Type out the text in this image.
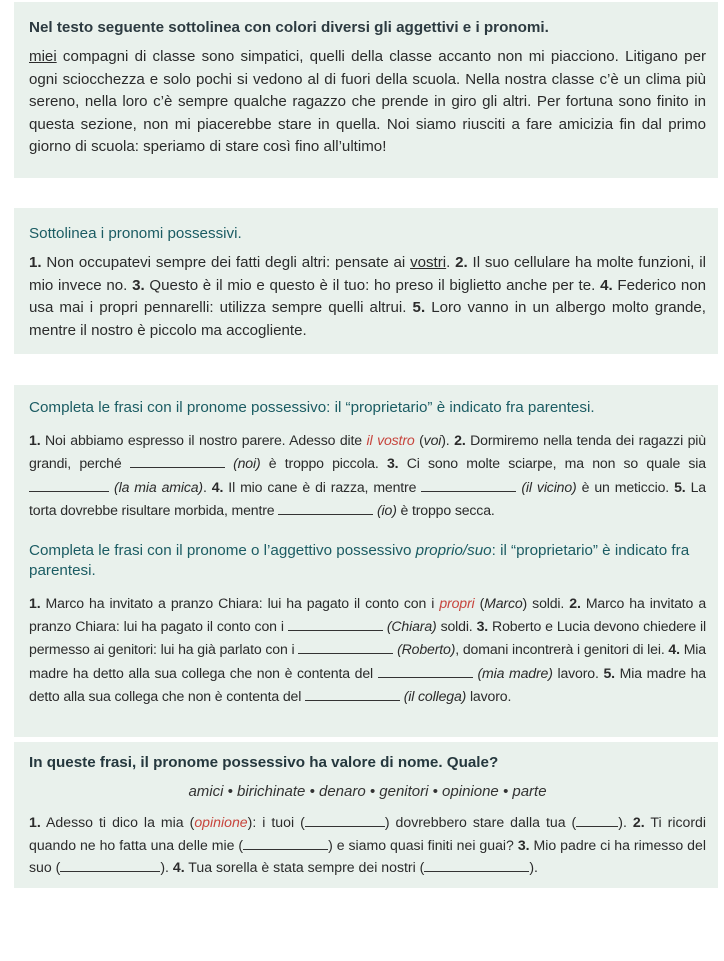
Nel testo seguente sottolinea con colori diversi gli aggettivi e i pronomi.
miei compagni di classe sono simpatici, quelli della classe accanto non mi piacciono. Litigano per ogni sciocchezza e solo pochi si vedono al di fuori della scuola. Nella nostra classe c’è un clima più sereno, nella loro c’è sempre qualche ragazzo che prende in giro gli altri. Per fortuna sono finito in questa sezione, non mi piacerebbe stare in quella. Noi siamo riusciti a fare amicizia fin dal primo giorno di scuola: speriamo di stare così fino all’ultimo!
Sottolinea i pronomi possessivi.
1. Non occupatevi sempre dei fatti degli altri: pensate ai vostri. 2. Il suo cellulare ha molte funzioni, il mio invece no. 3. Questo è il mio e questo è il tuo: ho preso il biglietto anche per te. 4. Federico non usa mai i propri pennarelli: utilizza sempre quelli altrui. 5. Loro vanno in un albergo molto grande, mentre il nostro è piccolo ma accogliente.
Completa le frasi con il pronome possessivo: il “proprietario” è indicato fra parentesi.
1. Noi abbiamo espresso il nostro parere. Adesso dite il vostro (voi). 2. Dormiremo nella tenda dei ragazzi più grandi, perché	(noi) è troppo piccola. 3. Ci sono molte sciarpe, ma non so quale sia  (la mia amica). 4. Il mio cane è di razza, mentre	(il vicino) è un meticcio. 5. La torta dovrebbe risultare morbida, mentre	(io) è troppo secca.
Completa le frasi con il pronome o l’aggettivo possessivo proprio/suo: il “proprietario” è indicato fra parentesi.
1. Marco ha invitato a pranzo Chiara: lui ha pagato il conto con i propri (Marco) soldi. 2. Marco ha invitato a pranzo Chiara: lui ha pagato il conto con i	(Chiara) soldi. 3. Roberto e Lucia devono chiedere il permesso ai genitori: lui ha già parlato con i	(Roberto), domani incontrerà i genitori di lei. 4. Mia madre ha detto alla sua collega che non è contenta del	(mia madre) lavoro. 5. Mia madre ha detto alla sua collega che non è contenta del	(il collega) lavoro.
In queste frasi, il pronome possessivo ha valore di nome. Quale?
amici • birichinate • denaro • genitori • opinione • parte
1. Adesso ti dico la mia (opinione): i tuoi (	) dovrebbero stare dalla tua (	). 2. Ti ricordi quando ne ho fatta una delle mie (	) e siamo quasi finiti nei guai? 3. Mio padre ci ha rimesso del suo (	). 4. Tua sorella è stata sempre dei nostri (	).
